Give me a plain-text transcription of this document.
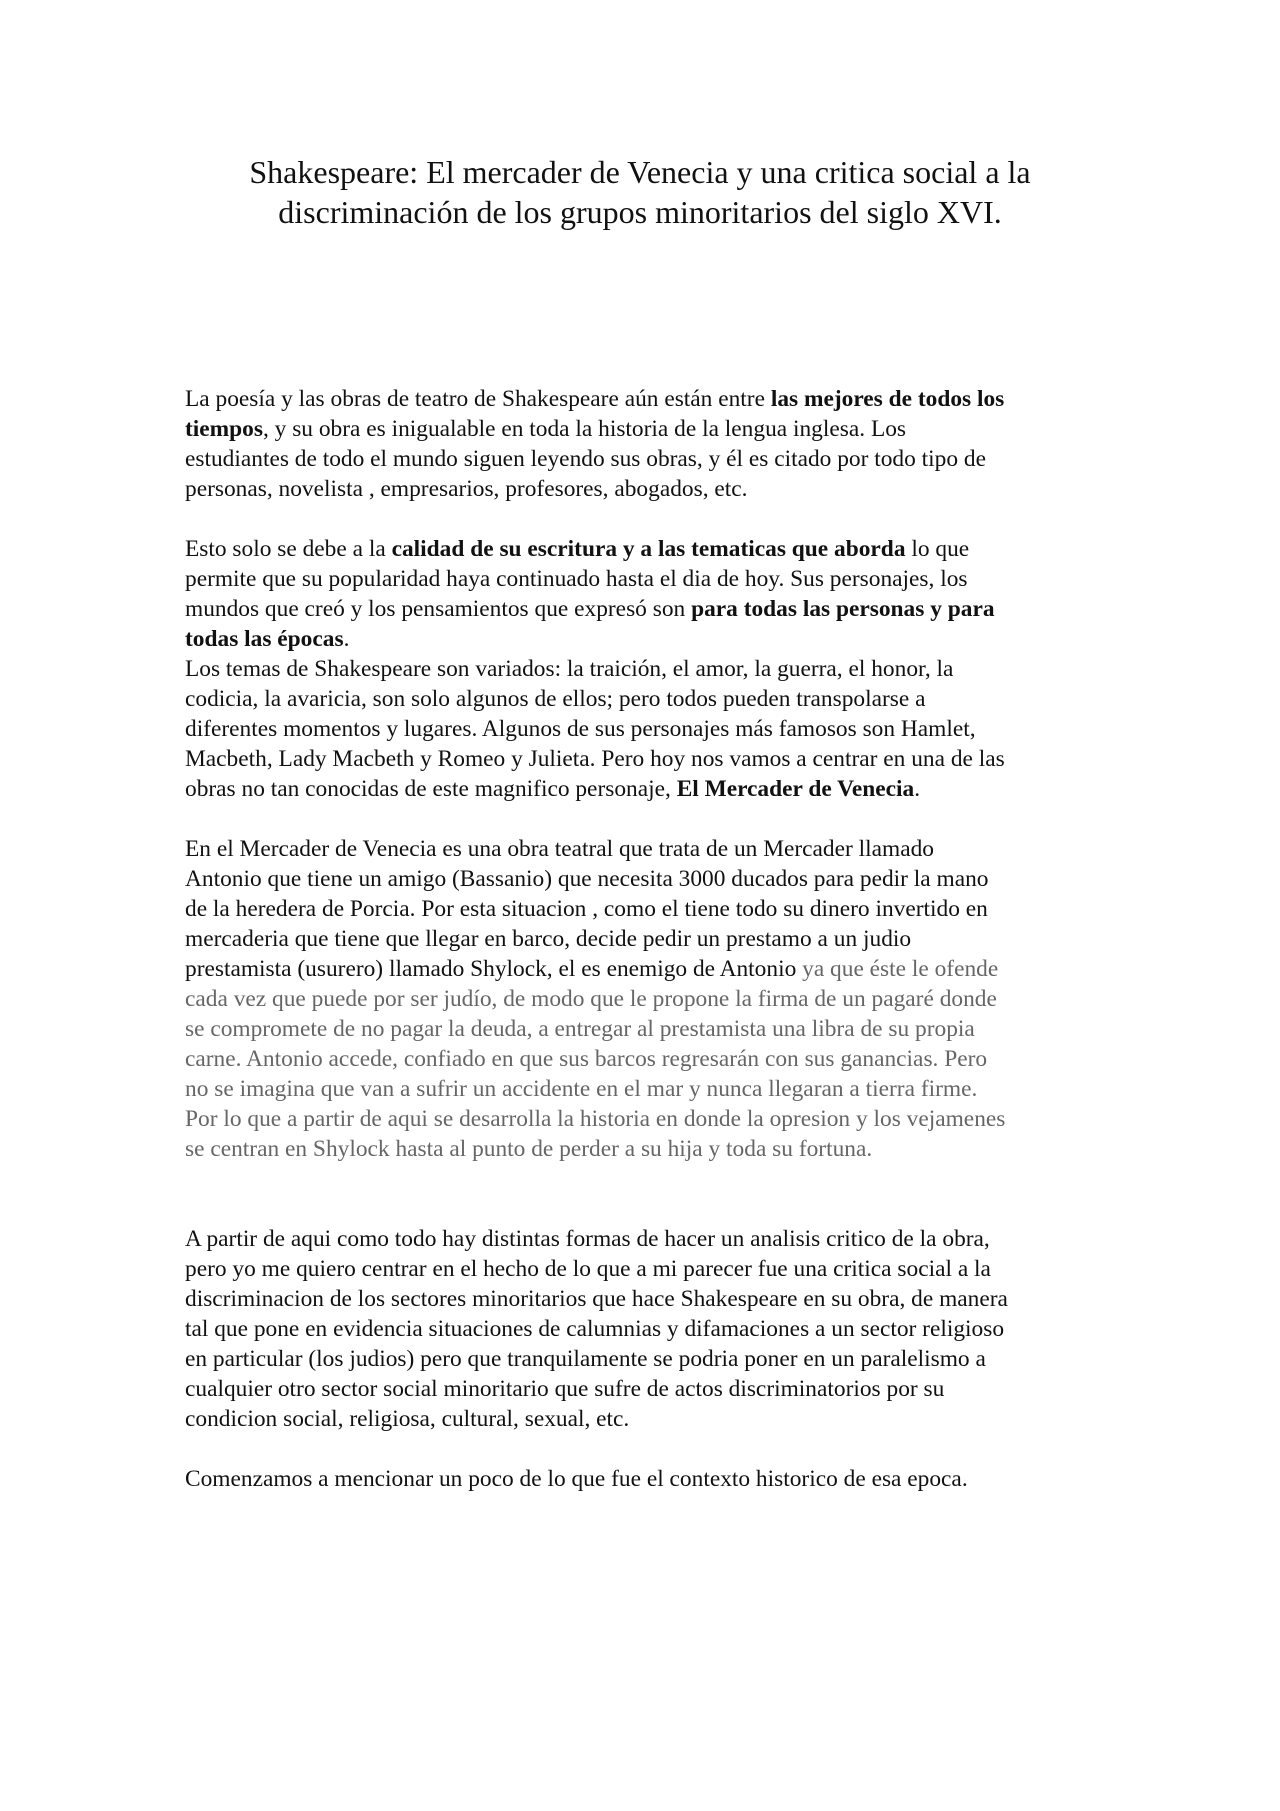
Shakespeare: El mercader de Venecia y una critica social a la
discriminación de los grupos minoritarios del siglo XVI.
La poesía y las obras de teatro de Shakespeare aún están entre las mejores de todos los
tiempos, y su obra es inigualable en toda la historia de la lengua inglesa. Los
estudiantes de todo el mundo siguen leyendo sus obras, y él es citado por todo tipo de
personas, novelista , empresarios, profesores, abogados, etc.
Esto solo se debe a la calidad de su escritura y a las tematicas que aborda lo que
permite que su popularidad haya continuado hasta el dia de hoy. Sus personajes, los
mundos que creó y los pensamientos que expresó son para todas las personas y para
todas las épocas.
Los temas de Shakespeare son variados: la traición, el amor, la guerra, el honor, la
codicia, la avaricia, son solo algunos de ellos; pero todos pueden transpolarse a
diferentes momentos y lugares. Algunos de sus personajes más famosos son Hamlet,
Macbeth, Lady Macbeth y Romeo y Julieta. Pero hoy nos vamos a centrar en una de las
obras no tan conocidas de este magnifico personaje, El Mercader de Venecia.
En el Mercader de Venecia es una obra teatral que trata de un Mercader llamado
Antonio que tiene un amigo (Bassanio) que necesita 3000 ducados para pedir la mano
de la heredera de Porcia. Por esta situacion , como el tiene todo su dinero invertido en
mercaderia que tiene que llegar en barco, decide pedir un prestamo a un judio
prestamista (usurero) llamado Shylock, el es enemigo de Antonio ya que éste le ofende
cada vez que puede por ser judío, de modo que le propone la firma de un pagaré donde
se compromete de no pagar la deuda, a entregar al prestamista una libra de su propia
carne. Antonio accede, confiado en que sus barcos regresarán con sus ganancias. Pero
no se imagina que van a sufrir un accidente en el mar y nunca llegaran a tierra firme.
Por lo que a partir de aqui se desarrolla la historia en donde la opresion y los vejamenes
se centran en Shylock hasta al punto de perder a su hija y toda su fortuna.
A partir de aqui como todo hay distintas formas de hacer un analisis critico de la obra,
pero yo me quiero centrar en el hecho de lo que a mi parecer fue una critica social a la
discriminacion de los sectores minoritarios que hace Shakespeare en su obra, de manera
tal que pone en evidencia situaciones de calumnias y difamaciones a un sector religioso
en particular (los judios) pero que tranquilamente se podria poner en un paralelismo a
cualquier otro sector social minoritario que sufre de actos discriminatorios por su
condicion social, religiosa, cultural, sexual, etc.
Comenzamos a mencionar un poco de lo que fue el contexto historico de esa epoca.
